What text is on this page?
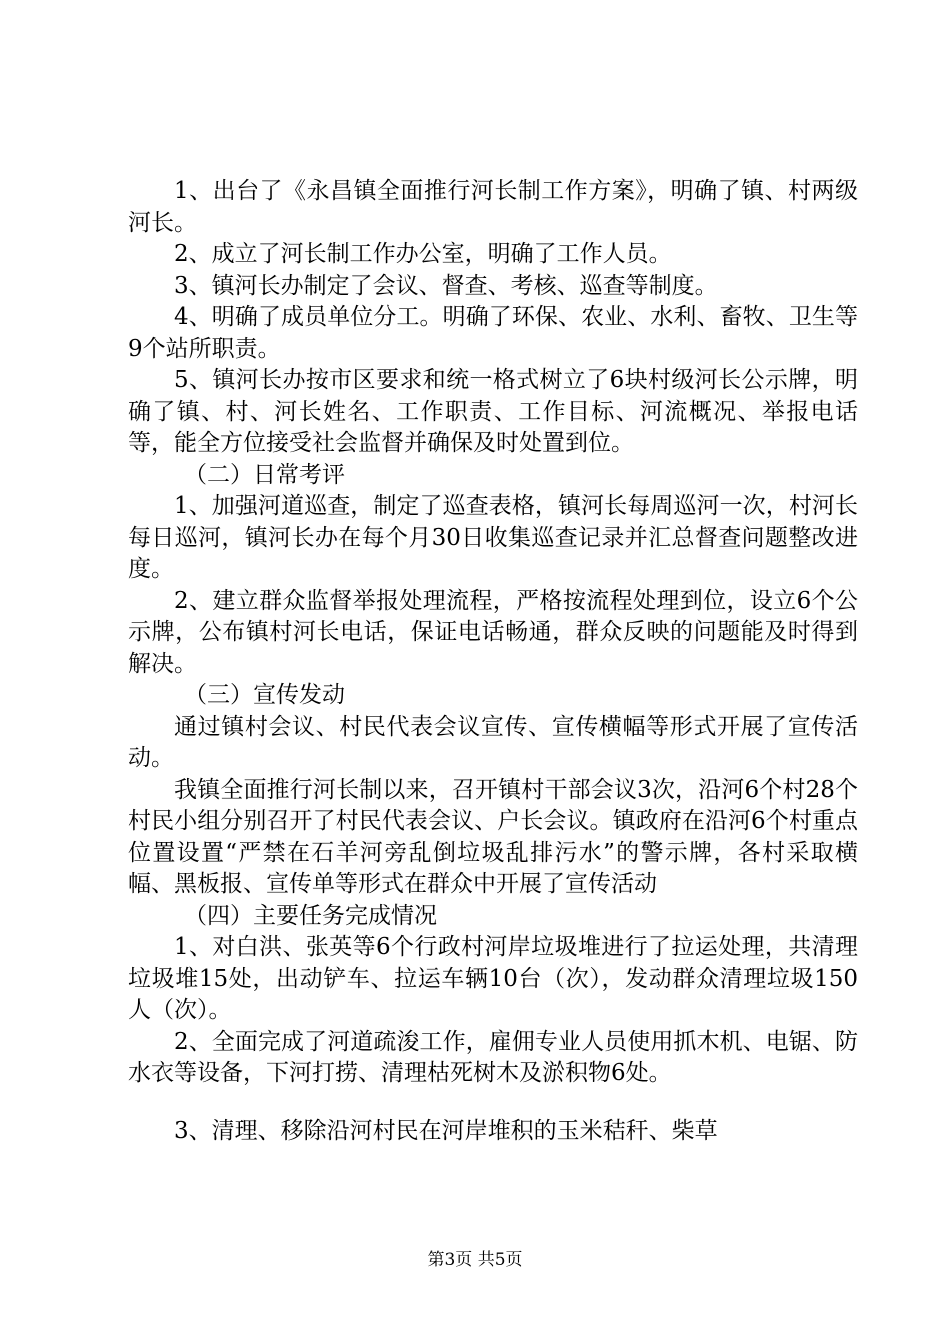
1、出台了《永昌镇全面推行河长制工作方案》，明确了镇、村两级河长。

2、成立了河长制工作办公室，明确了工作人员。

3、镇河长办制定了会议、督查、考核、巡查等制度。

4、明确了成员单位分工。明确了环保、农业、水利、畜牧、卫生等9个站所职责。

5、镇河长办按市区要求和统一格式树立了6块村级河长公示牌，明确了镇、村、河长姓名、工作职责、工作目标、河流概况、举报电话等，能全方位接受社会监督并确保及时处置到位。

（二）日常考评

1、加强河道巡查，制定了巡查表格，镇河长每周巡河一次，村河长每日巡河，镇河长办在每个月30日收集巡查记录并汇总督查问题整改进度。

2、建立群众监督举报处理流程，严格按流程处理到位，设立6个公示牌，公布镇村河长电话，保证电话畅通，群众反映的问题能及时得到解决。

（三）宣传发动

通过镇村会议、村民代表会议宣传、宣传横幅等形式开展了宣传活动。

我镇全面推行河长制以来，召开镇村干部会议3次，沿河6个村28个村民小组分别召开了村民代表会议、户长会议。镇政府在沿河6个村重点位置设置“严禁在石羊河旁乱倒垃圾乱排污水”的警示牌，各村采取横幅、黑板报、宣传单等形式在群众中开展了宣传活动

（四）主要任务完成情况

1、对白洪、张英等6个行政村河岸垃圾堆进行了拉运处理，共清理垃圾堆15处，出动铲车、拉运车辆10台（次），发动群众清理垃圾150人（次）。

2、全面完成了河道疏浚工作，雇佣专业人员使用抓木机、电锯、防水衣等设备，下河打捞、清理枯死树木及淤积物6处。

3、清理、移除沿河村民在河岸堆积的玉米秸秆、柴草

第3页 共5页
